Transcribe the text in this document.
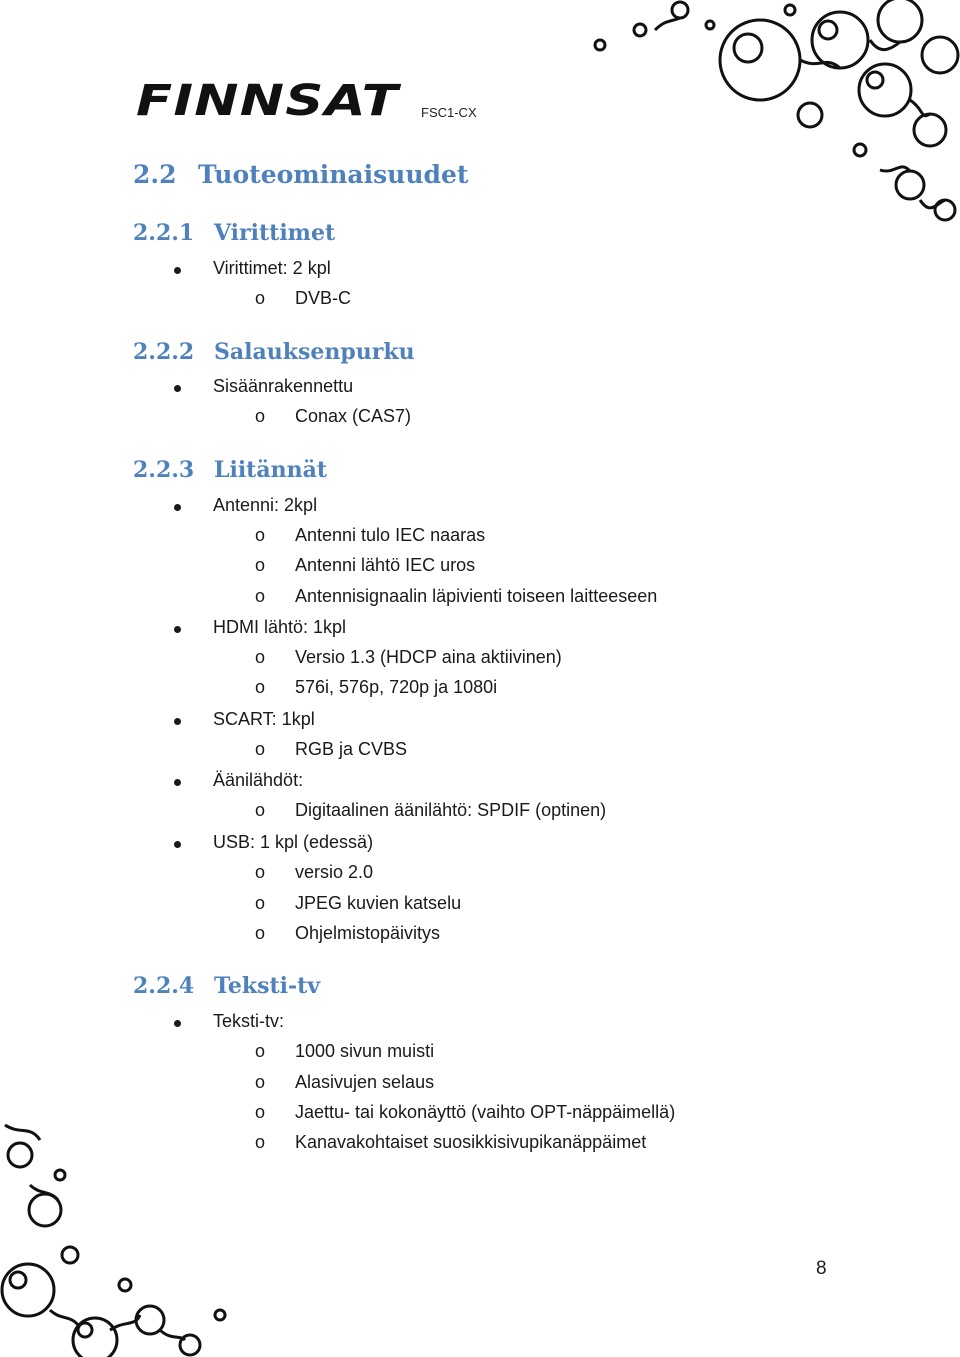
FINNSAT FSC1-CX
2.2 Tuoteominaisuudet
2.2.1 Virittimet
Virittimet: 2 kpl
o DVB-C
2.2.2 Salauksenpurku
Sisäänrakennettu
o Conax (CAS7)
2.2.3 Liitännät
Antenni: 2kpl
o Antenni tulo IEC naaras
o Antenni lähtö IEC uros
o Antennisignaalin läpivienti toiseen laitteeseen
HDMI lähtö: 1kpl
o Versio 1.3 (HDCP aina aktiivinen)
o 576i, 576p, 720p ja 1080i
SCART: 1kpl
o RGB ja CVBS
Äänilähdöt:
o Digitaalinen äänilähtö: SPDIF (optinen)
USB: 1 kpl (edessä)
o versio 2.0
o JPEG kuvien katselu
o Ohjelmistopäivitys
2.2.4 Teksti-tv
Teksti-tv:
o 1000 sivun muisti
o Alasivujen selaus
o Jaettu- tai kokonäyttö (vaihto OPT-näppäimellä)
o Kanavakohtaiset suosikkisivupikanäppäimet
8
